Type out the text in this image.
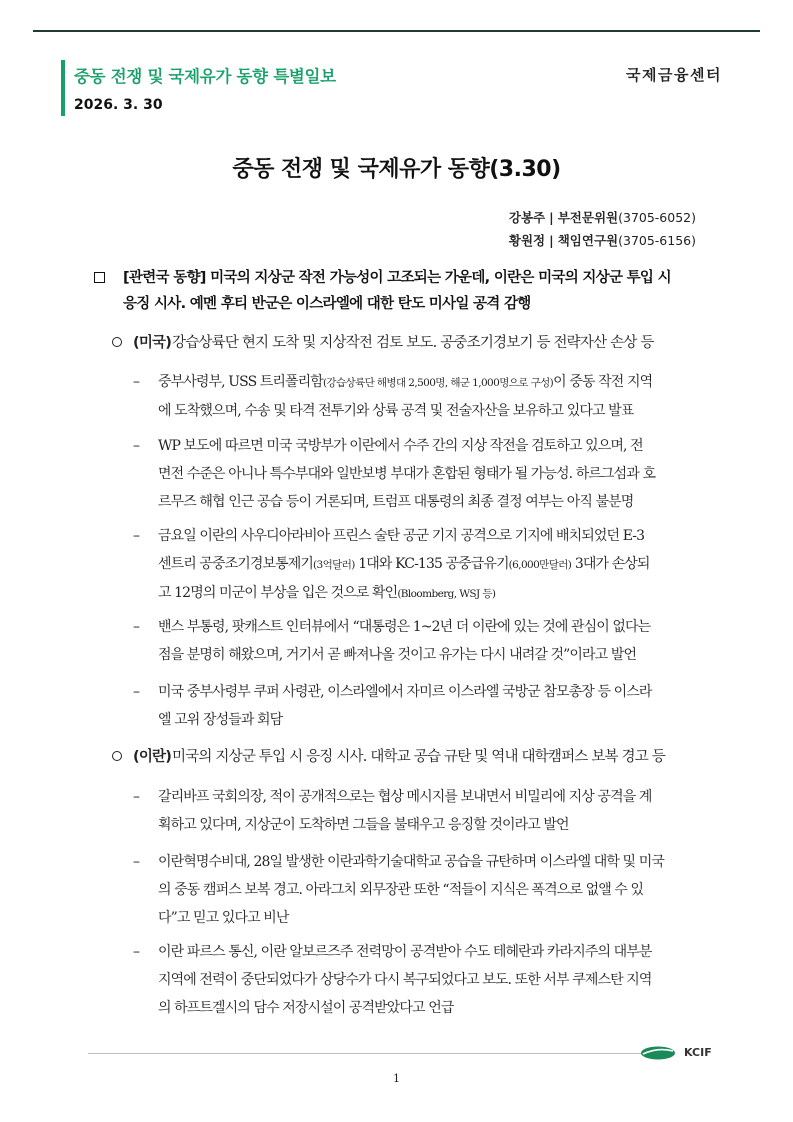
중동 전쟁 및 국제유가 동향 특별일보
2026. 3. 30
국제금융센터
중동 전쟁 및 국제유가 동향(3.30)
강봉주 | 부전문위원(3705-6052)
황원정 | 책임연구원(3705-6156)
[관련국 동향] 미국의 지상군 작전 가능성이 고조되는 가운데, 이란은 미국의 지상군 투입 시
응징 시사. 예멘 후티 반군은 이스라엘에 대한 탄도 미사일 공격 감행
(미국) 강습상륙단 현지 도착 및 지상작전 검토 보도. 공중조기경보기 등 전략자산 손상 등
– 중부사령부, USS 트리폴리함(강습상륙단 해병대 2,500명, 해군 1,000명으로 구성)이 중동 작전 지역
에 도착했으며, 수송 및 타격 전투기와 상륙 공격 및 전술자산을 보유하고 있다고 발표
– WP 보도에 따르면 미국 국방부가 이란에서 수주 간의 지상 작전을 검토하고 있으며, 전
면전 수준은 아니나 특수부대와 일반보병 부대가 혼합된 형태가 될 가능성. 하르그섬과 호
르무즈 해협 인근 공습 등이 거론되며, 트럼프 대통령의 최종 결정 여부는 아직 불분명
– 금요일 이란의 사우디아라비아 프린스 술탄 공군 기지 공격으로 기지에 배치되었던 E-3
센트리 공중조기경보통제기(3억달러) 1대와 KC-135 공중급유기(6,000만달러) 3대가 손상되
고 12명의 미군이 부상을 입은 것으로 확인(Bloomberg, WSJ 등)
– 밴스 부통령, 팟캐스트 인터뷰에서 “대통령은 1~2년 더 이란에 있는 것에 관심이 없다는
점을 분명히 해왔으며, 거기서 곧 빠져나올 것이고 유가는 다시 내려갈 것”이라고 발언
– 미국 중부사령부 쿠퍼 사령관, 이스라엘에서 자미르 이스라엘 국방군 참모총장 등 이스라
엘 고위 장성들과 회담
(이란) 미국의 지상군 투입 시 응징 시사. 대학교 공습 규탄 및 역내 대학캠퍼스 보복 경고 등
– 갈리바프 국회의장, 적이 공개적으로는 협상 메시지를 보내면서 비밀리에 지상 공격을 계
획하고 있다며, 지상군이 도착하면 그들을 불태우고 응징할 것이라고 발언
– 이란혁명수비대, 28일 발생한 이란과학기술대학교 공습을 규탄하며 이스라엘 대학 및 미국
의 중동 캠퍼스 보복 경고. 아라그치 외무장관 또한 “적들이 지식은 폭격으로 없앨 수 있
다”고 믿고 있다고 비난
– 이란 파르스 통신, 이란 알보르즈주 전력망이 공격받아 수도 테헤란과 카라지주의 대부분
지역에 전력이 중단되었다가 상당수가 다시 복구되었다고 보도. 또한 서부 쿠제스탄 지역
의 하프트겔시의 담수 저장시설이 공격받았다고 언급
KCIF
1
